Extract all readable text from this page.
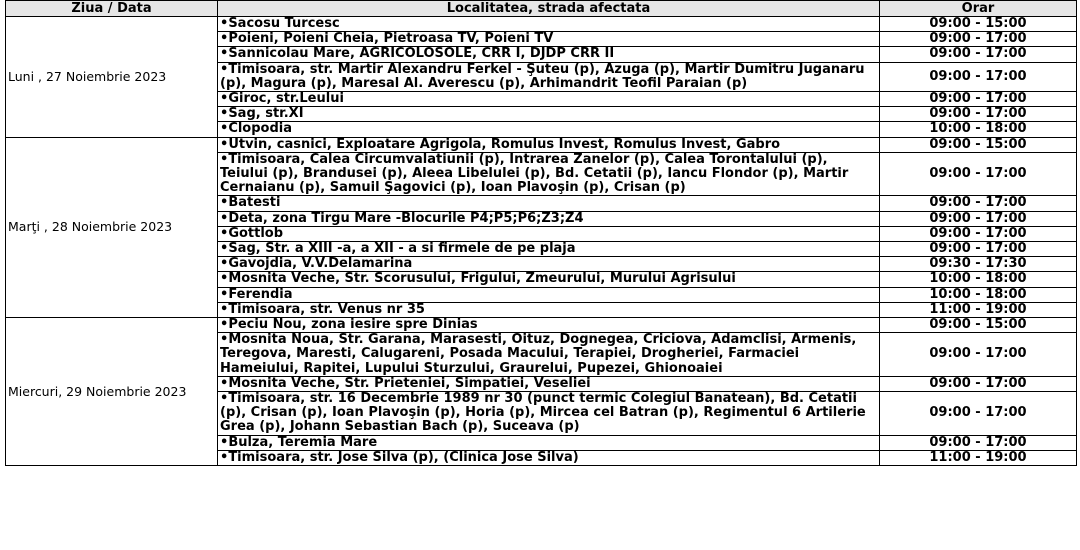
Ziua / Data	Localitatea, strada afectata	Orar
Luni , 27 Noiembrie 2023	• Sacosu Turcesc	09:00 - 15:00
	• Poieni, Poieni Cheia, Pietroasa TV, Poieni TV	09:00 - 17:00
	• Sannicolau Mare, AGRICOLOSOLE, CRR I, DJDP CRR II	09:00 - 17:00
	• Timisoara, str. Martir Alexandru Ferkel - Şuteu (p), Azuga (p), Martir Dumitru Juganaru (p), Magura (p), Maresal Al. Averescu (p), Arhimandrit Teofil Paraian (p)	09:00 - 17:00
	• Giroc, str.Leului	09:00 - 17:00
	• Sag, str.XI	09:00 - 17:00
	• Clopodia	10:00 - 18:00
Marţi , 28 Noiembrie 2023	• Utvin, casnici, Exploatare Agrigola, Romulus Invest, Romulus Invest, Gabro	09:00 - 15:00
	• Timisoara, Calea Circumvalatiunii (p), Intrarea Zanelor (p), Calea Torontalului (p), Teiului (p), Brandusei (p), Aleea Libelulei (p), Bd. Cetatii (p), Iancu Flondor (p), Martir Cernaianu (p), Samuil Şagovici (p), Ioan Plavoşin (p), Crisan (p)	09:00 - 17:00
	• Batesti	09:00 - 17:00
	• Deta, zona Tirgu Mare -Blocurile P4;P5;P6;Z3;Z4	09:00 - 17:00
	• Gottlob	09:00 - 17:00
	• Sag, Str. a XIII -a, a XII - a si firmele de pe plaja	09:00 - 17:00
	• Gavojdia, V.V.Delamarina	09:30 - 17:30
	• Mosnita Veche, Str. Scorusului, Frigului, Zmeurului, Murului Agrisului	10:00 - 18:00
	• Ferendia	10:00 - 18:00
	• Timisoara, str. Venus nr 35	11:00 - 19:00
Miercuri, 29 Noiembrie 2023	• Peciu Nou, zona iesire spre Dinias	09:00 - 15:00
	• Mosnita Noua, Str. Garana, Marasesti, Oituz, Dognegea, Criciova, Adamclisi, Armenis, Teregova, Maresti, Calugareni, Posada Macului, Terapiei, Drogheriei, Farmaciei Hameiului, Rapitei, Lupului Sturzului, Graurelui, Pupezei, Ghionoaiei	09:00 - 17:00
	• Mosnita Veche, Str. Prieteniei, Simpatiei, Veseliei	09:00 - 17:00
	• Timisoara, str. 16 Decembrie 1989 nr 30 (punct termic Colegiul Banatean), Bd. Cetatii (p), Crisan (p), Ioan Plavoşin (p), Horia (p), Mircea cel Batran (p), Regimentul 6 Artilerie Grea (p), Johann Sebastian Bach (p), Suceava (p)	09:00 - 17:00
	• Bulza, Teremia Mare	09:00 - 17:00
	• Timisoara, str. Jose Silva (p), (Clinica Jose Silva)	11:00 - 19:00
